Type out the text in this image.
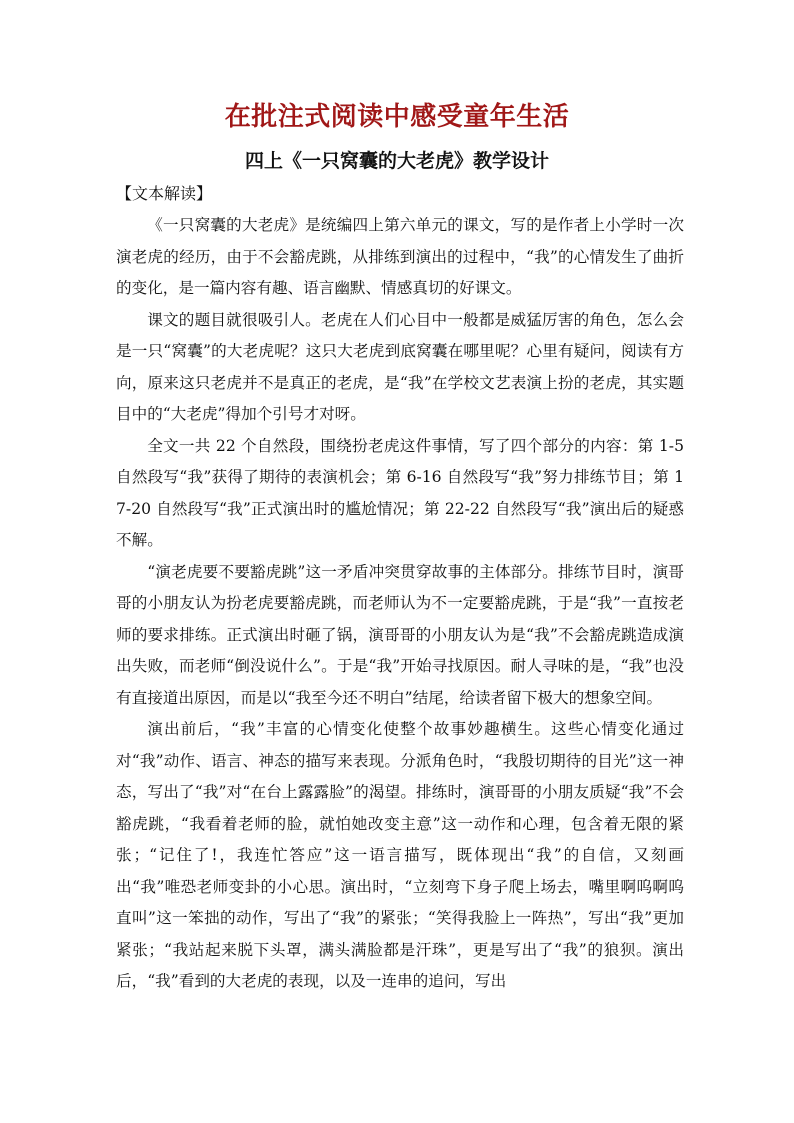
在批注式阅读中感受童年生活
四上《一只窝囊的大老虎》教学设计
【文本解读】

《一只窝囊的大老虎》是统编四上第六单元的课文，写的是作者上小学时一次演老虎的经历，由于不会豁虎跳，从排练到演出的过程中，“我”的心情发生了曲折的变化，是一篇内容有趣、语言幽默、情感真切的好课文。

课文的题目就很吸引人。老虎在人们心目中一般都是威猛厉害的角色，怎么会是一只“窝囊”的大老虎呢？这只大老虎到底窝囊在哪里呢？心里有疑问，阅读有方向，原来这只老虎并不是真正的老虎，是“我”在学校文艺表演上扮的老虎，其实题目中的“大老虎”得加个引号才对呀。

全文一共 22 个自然段，围绕扮老虎这件事情，写了四个部分的内容：第 1-5 自然段写“我”获得了期待的表演机会；第 6-16 自然段写“我”努力排练节目；第 17-20 自然段写“我”正式演出时的尴尬情况；第 22-22 自然段写“我”演出后的疑惑不解。

“演老虎要不要豁虎跳”这一矛盾冲突贯穿故事的主体部分。排练节目时，演哥哥的小朋友认为扮老虎要豁虎跳，而老师认为不一定要豁虎跳，于是“我”一直按老师的要求排练。正式演出时砸了锅，演哥哥的小朋友认为是“我”不会豁虎跳造成演出失败，而老师“倒没说什么”。于是“我”开始寻找原因。耐人寻味的是，“我”也没有直接道出原因，而是以“我至今还不明白”结尾，给读者留下极大的想象空间。

演出前后，“我”丰富的心情变化使整个故事妙趣横生。这些心情变化通过对“我”动作、语言、神态的描写来表现。分派角色时，“我殷切期待的目光”这一神态，写出了“我”对“在台上露露脸”的渴望。排练时，演哥哥的小朋友质疑“我”不会豁虎跳，“我看着老师的脸，就怕她改变主意”这一动作和心理，包含着无限的紧张；“记住了!，我连忙答应”这一语言描写，既体现出“我”的自信，又刻画出“我”唯恐老师变卦的小心思。演出时，“立刻弯下身子爬上场去，嘴里啊呜啊呜直叫”这一笨拙的动作，写出了“我”的紧张；“笑得我脸上一阵热”，写出“我”更加紧张；“我站起来脱下头罩，满头满脸都是汗珠”，更是写出了“我”的狼狈。演出后，“我”看到的大老虎的表现，以及一连串的追问，写出
